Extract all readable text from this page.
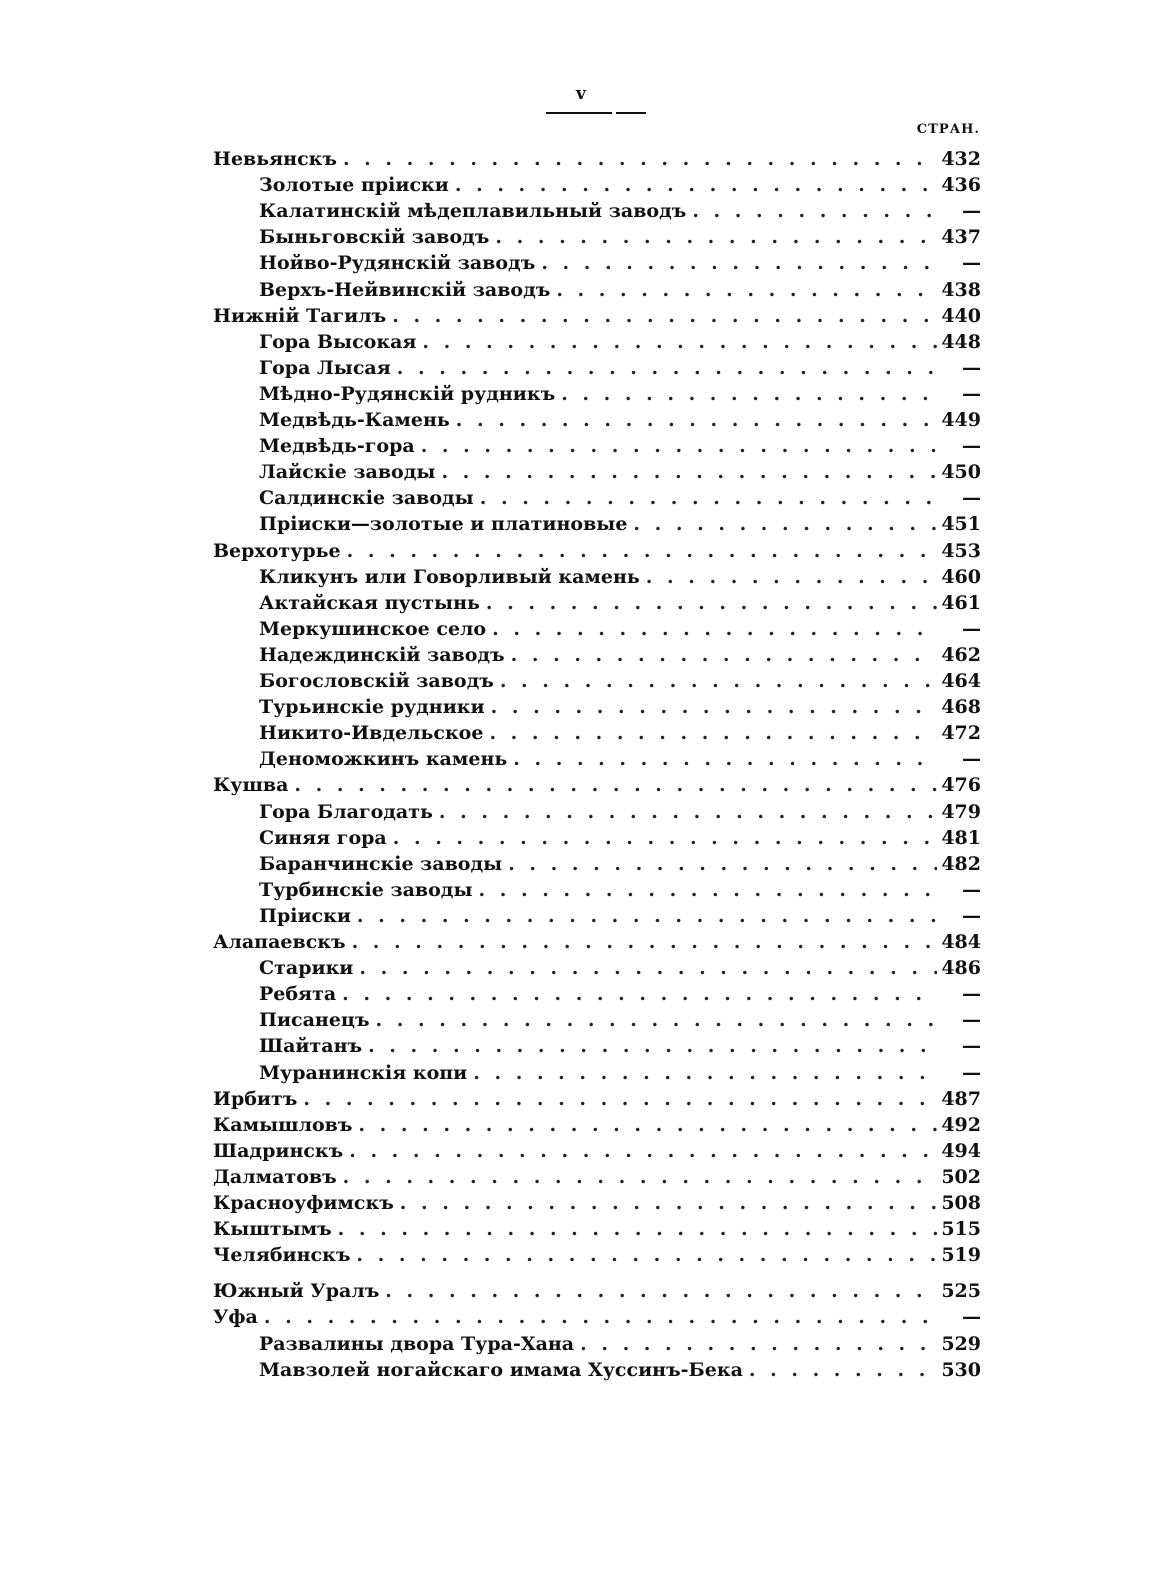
v
СТРАН.
Невьянскъ . . .	432
Золотые прiиски . . .	436
Калатинскiй мѣдеплавильный заводъ . . .	—
Быньговскiй заводъ . . .	437
Нойво-Рудянскiй заводъ . . .	—
Верхъ-Нейвинскiй заводъ . . .	438
Нижнiй Тагилъ . . .	440
Гора Высокая . . .	448
Гора Лысая . . .	—
Мѣдно-Рудянскiй рудникъ . . .	—
Медвѣдь-Камень . . .	449
Медвѣдь-гора . . .	—
Лайскiе заводы . . .	450
Салдинскiе заводы . . .	—
Прiиски—золотые и платиновые . . .	451
Верхотурье . . .	453
Кликунъ или Говорливый камень . . .	460
Актайская пустынь . . .	461
Меркушинское село . . .	—
Надеждинскiй заводъ . . .	462
Богословскiй заводъ . . .	464
Турьинскiе рудники . . .	468
Никито-Ивдельское . . .	472
Деноможкинъ камень . . .	—
Кушва . . .	476
Гора Благодать . . .	479
Синяя гора . . .	481
Баранчинскiе заводы . . .	482
Турбинскiе заводы . . .	—
Прiиски . . .	—
Алапаевскъ . . .	484
Старики . . .	486
Ребята . . .	—
Писанецъ . . .	—
Шайтанъ . . .	—
Муранинскiя копи . . .	—
Ирбитъ . . .	487
Камышловъ . . .	492
Шадринскъ . . .	494
Далматовъ . . .	502
Красноуфимскъ . . .	508
Кыштымъ . . .	515
Челябинскъ . . .	519
Южный Уралъ . . .	525
Уфа . . .	—
Развалины двора Тура-Хана . . .	529
Мавзолей ногайскаго имама Хуссинъ-Бека . . .	530
